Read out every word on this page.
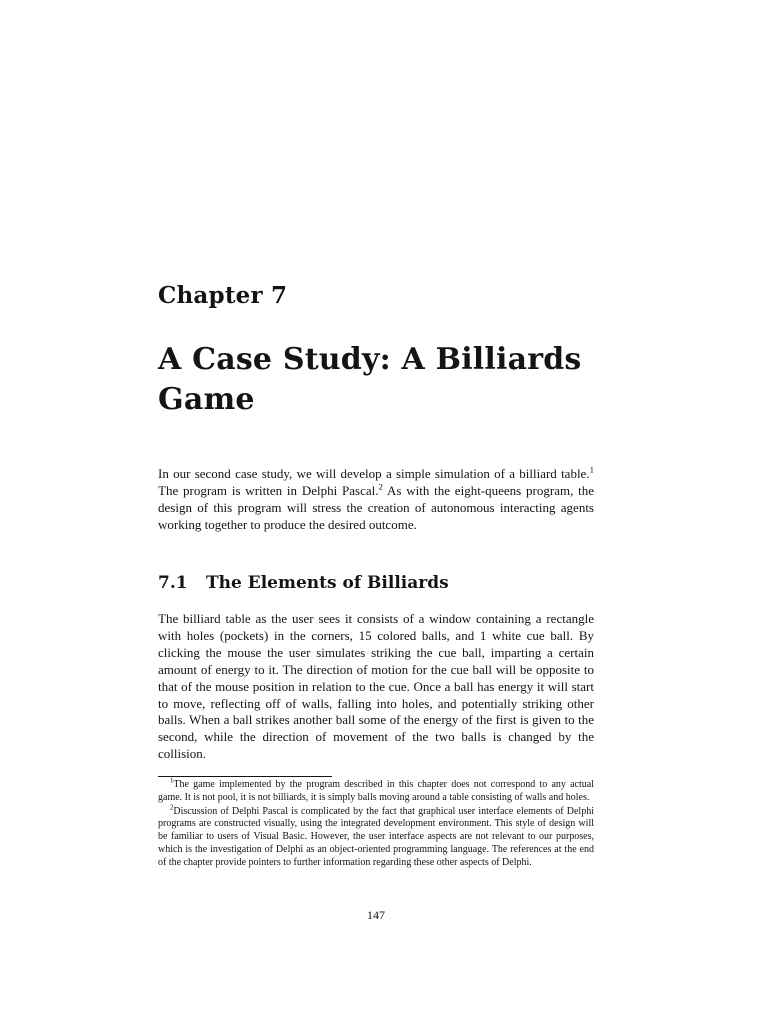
Chapter 7
A Case Study: A Billiards
Game

In our second case study, we will develop a simple simulation of a billiard table.$^1$ The program is written in Delphi Pascal.$^2$ As with the eight-queens program, the design of this program will stress the creation of autonomous interacting agents working together to produce the desired outcome.

7.1 The Elements of Billiards

The billiard table as the user sees it consists of a window containing a rectangle with holes (pockets) in the corners, 15 colored balls, and 1 white cue ball. By clicking the mouse the user simulates striking the cue ball, imparting a certain amount of energy to it. The direction of motion for the cue ball will be opposite to that of the mouse position in relation to the cue. Once a ball has energy it will start to move, reflecting off of walls, falling into holes, and potentially striking other balls. When a ball strikes another ball some of the energy of the first is given to the second, while the direction of movement of the two balls is changed by the collision.

$^1$The game implemented by the program described in this chapter does not correspond to any actual game. It is not pool, it is not billiards, it is simply balls moving around a table consisting of walls and holes.

$^2$Discussion of Delphi Pascal is complicated by the fact that graphical user interface elements of Delphi programs are constructed visually, using the integrated development environment. This style of design will be familiar to users of Visual Basic. However, the user interface aspects are not relevant to our purposes, which is the investigation of Delphi as an object-oriented programming language. The references at the end of the chapter provide pointers to further information regarding these other aspects of Delphi.

147
